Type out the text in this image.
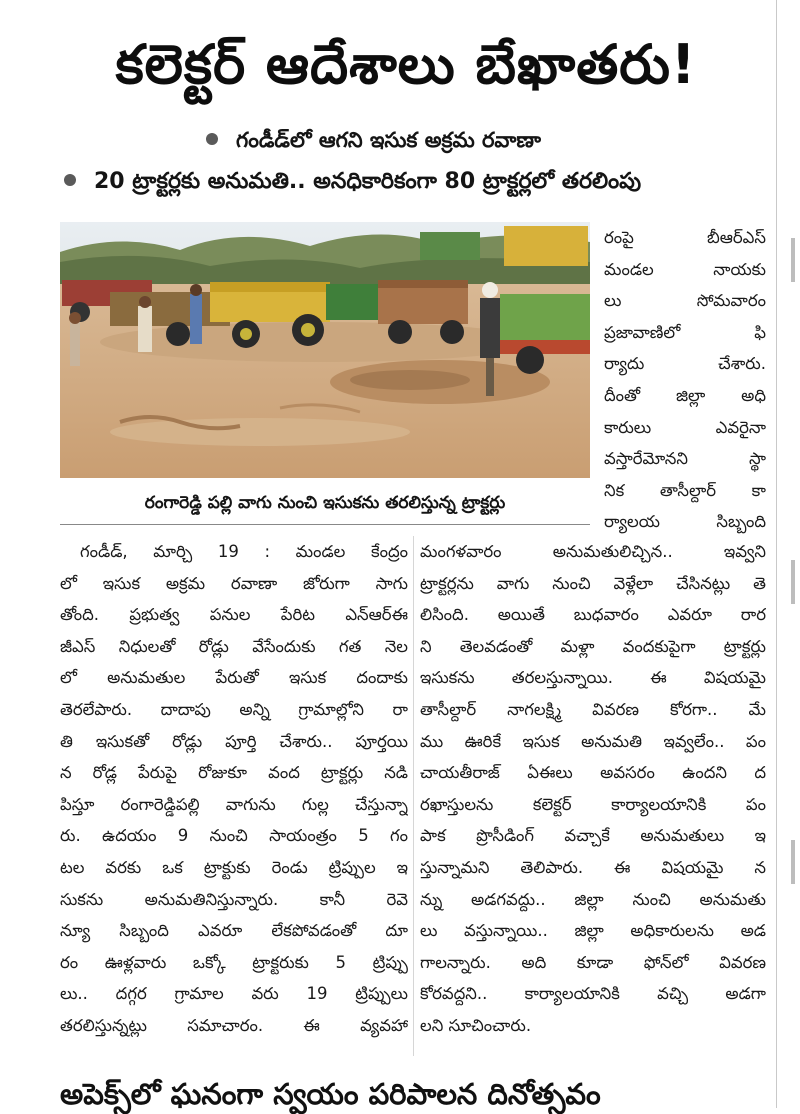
కలెక్టర్ ఆదేశాలు బేఖాతరు!
గండీడ్‌లో ఆగని ఇసుక అక్రమ రవాణా
20 ట్రాక్టర్లకు అనుమతి.. అనధికారికంగా 80 ట్రాక్టర్లలో తరలింపు
రంగారెడ్డి పల్లి వాగు నుంచి ఇసుకను తరలిస్తున్న ట్రాక్టర్లు
రంపై బీఆర్ఎస్
మండల నాయకు
లు సోమవారం
ప్రజావాణిలో ఫి
ర్యాదు చేశారు.
దీంతో జిల్లా అధి
కారులు ఎవరైనా
వస్తారేమోనని స్థా
నిక తాసీల్దార్ కా
ర్యాలయ సిబ్బంది
గండీడ్, మార్చి 19 : మండల కేంద్రం
లో ఇసుక అక్రమ రవాణా జోరుగా సాగు
తోంది. ప్రభుత్వ పనుల పేరిట ఎన్ఆర్ఈ
జీఎస్ నిధులతో రోడ్లు వేసేందుకు గత నెల
లో అనుమతుల పేరుతో ఇసుక దందాకు
తెరలేపారు. దాదాపు అన్ని గ్రామాల్లోని రా
తి ఇసుకతో రోడ్లు పూర్తి చేశారు.. పూర్తయి
న రోడ్ల పేరుపై రోజుకూ వంద ట్రాక్టర్లు నడి
పిస్తూ రంగారెడ్డిపల్లి వాగును గుల్ల చేస్తున్నా
రు. ఉదయం 9 నుంచి సాయంత్రం 5 గం
టల వరకు ఒక ట్రాక్టుకు రెండు ట్రిప్పుల ఇ
సుకను అనుమతినిస్తున్నారు. కానీ రెవె
న్యూ సిబ్బంది ఎవరూ లేకపోవడంతో దూ
రం ఊళ్లవారు ఒక్కో ట్రాక్టరుకు 5 ట్రిప్పు
లు.. దగ్గర గ్రామాల వరు 19 ట్రిప్పులు
తరలిస్తున్నట్లు సమాచారం. ఈ వ్యవహా
మంగళవారం అనుమతులిచ్చిన.. ఇవ్వని
ట్రాక్టర్లను వాగు నుంచి వెళ్లేలా చేసినట్లు తె
లిసింది. అయితే బుధవారం ఎవరూ రార
ని తెలవడంతో మళ్లా వందకుపైగా ట్రాక్టర్లు
ఇసుకను తరలస్తున్నాయి. ఈ విషయమై
తాసీల్దార్ నాగలక్ష్మి వివరణ కోరగా.. మే
ము ఊరికే ఇసుక అనుమతి ఇవ్వలేం.. పం
చాయతీరాజ్ ఏఈలు అవసరం ఉందని ద
రఖాస్తులను కలెక్టర్ కార్యాలయానికి పం
పాక ప్రొసీడింగ్ వచ్చాకే అనుమతులు ఇ
స్తున్నామని తెలిపారు. ఈ విషయమై న
న్ను అడగవద్దు.. జిల్లా నుంచి అనుమతు
లు వస్తున్నాయి.. జిల్లా అధికారులను అడ
గాలన్నారు. అది కూడా ఫోన్‌లో వివరణ
కోరవద్దని.. కార్యాలయానికి వచ్చి అడగా
లని సూచించారు.
అపెక్స్‌లో ఘనంగా స్వయం పరిపాలన దినోత్సవం
